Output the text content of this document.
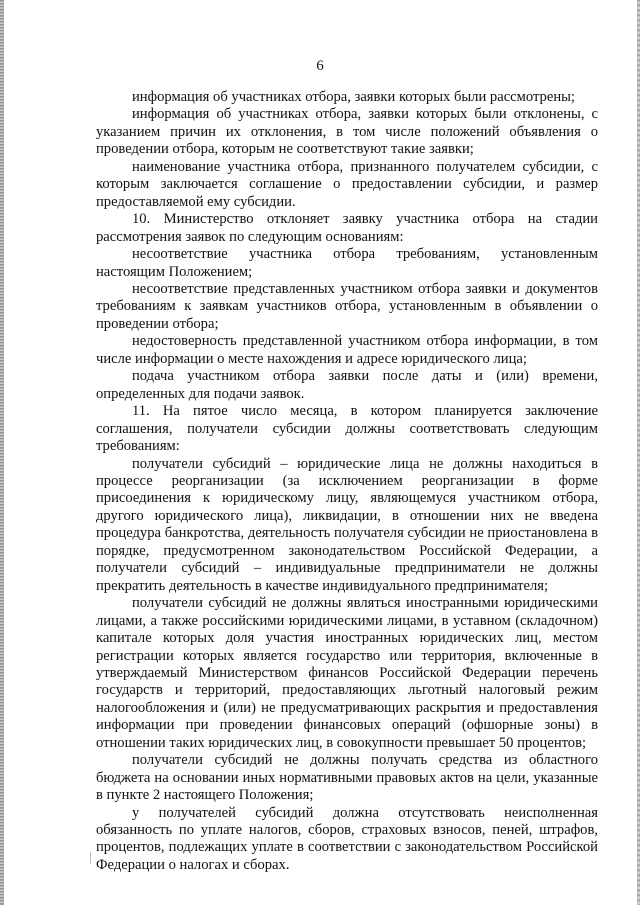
6

информация об участниках отбора, заявки которых были рассмотрены;

информация об участниках отбора, заявки которых были отклонены, с указанием причин их отклонения, в том числе положений объявления о проведении отбора, которым не соответствуют такие заявки;

наименование участника отбора, признанного получателем субсидии, с которым заключается соглашение о предоставлении субсидии, и размер предоставляемой ему субсидии.

10. Министерство отклоняет заявку участника отбора на стадии рассмотрения заявок по следующим основаниям:

несоответствие участника отбора требованиям, установленным настоящим Положением;

несоответствие представленных участником отбора заявки и документов требованиям к заявкам участников отбора, установленным в объявлении о проведении отбора;

недостоверность представленной участником отбора информации, в том числе информации о месте нахождения и адресе юридического лица;

подача участником отбора заявки после даты и (или) времени, определенных для подачи заявок.

11. На пятое число месяца, в котором планируется заключение соглашения, получатели субсидии должны соответствовать следующим требованиям:

получатели субсидий – юридические лица не должны находиться в процессе реорганизации (за исключением реорганизации в форме присоединения к юридическому лицу, являющемуся участником отбора, другого юридического лица), ликвидации, в отношении них не введена процедура банкротства, деятельность получателя субсидии не приостановлена в порядке, предусмотренном законодательством Российской Федерации, а получатели субсидий – индивидуальные предприниматели не должны прекратить деятельность в качестве индивидуального предпринимателя;

получатели субсидий не должны являться иностранными юридическими лицами, а также российскими юридическими лицами, в уставном (складочном) капитале которых доля участия иностранных юридических лиц, местом регистрации которых является государство или территория, включенные в утверждаемый Министерством финансов Российской Федерации перечень государств и территорий, предоставляющих льготный налоговый режим налогообложения и (или) не предусматривающих раскрытия и предоставления информации при проведении финансовых операций (офшорные зоны) в отношении таких юридических лиц, в совокупности превышает 50 процентов;

получатели субсидий не должны получать средства из областного бюджета на основании иных нормативными правовых актов на цели, указанные в пункте 2 настоящего Положения;

у получателей субсидий должна отсутствовать неисполненная обязанность по уплате налогов, сборов, страховых взносов, пеней, штрафов, процентов, подлежащих уплате в соответствии с законодательством Российской Федерации о налогах и сборах.
